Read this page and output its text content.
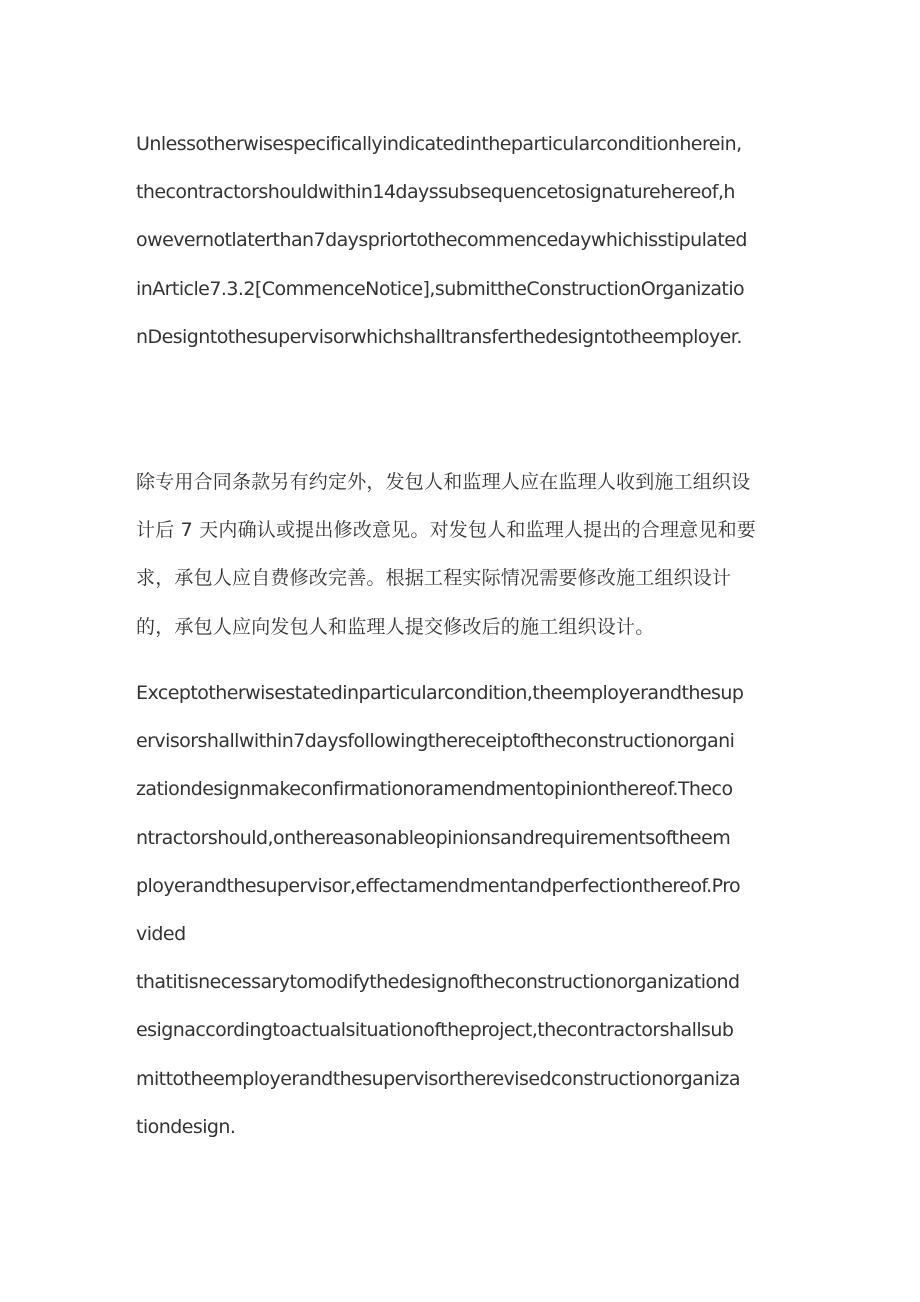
Unlessotherwisespecificallyindicatedintheparticularconditionherein,
thecontractorshouldwithin14dayssubsequencetosignaturehereof,h
owevernotlaterthan7dayspriortothecommencedaywhichisstipulated
inArticle7.3.2[CommenceNotice],submittheConstructionOrganizatio
nDesigntothesupervisorwhichshalltransferthedesigntotheemployer.
除专用合同条款另有约定外，发包人和监理人应在监理人收到施工组织设
计后 7 天内确认或提出修改意见。对发包人和监理人提出的合理意见和要
求，承包人应自费修改完善。根据工程实际情况需要修改施工组织设计
的，承包人应向发包人和监理人提交修改后的施工组织设计。
Exceptotherwisestatedinparticularcondition,theemployerandthesup
ervisorshallwithin7daysfollowingthereceiptoftheconstructionorgani
zationdesignmakeconfirmationoramendmentopinionthereof.Theco
ntractorshould,onthereasonableopinionsandrequirementsoftheem
ployerandthesupervisor,effectamendmentandperfectionthereof.Pro
vided
thatitisnecessarytomodifythedesignoftheconstructionorganizationd
esignaccordingtoactualsituationoftheproject,thecontractorshallsub
mittotheemployerandthesupervisortherevisedconstructionorganiza
tiondesign.
